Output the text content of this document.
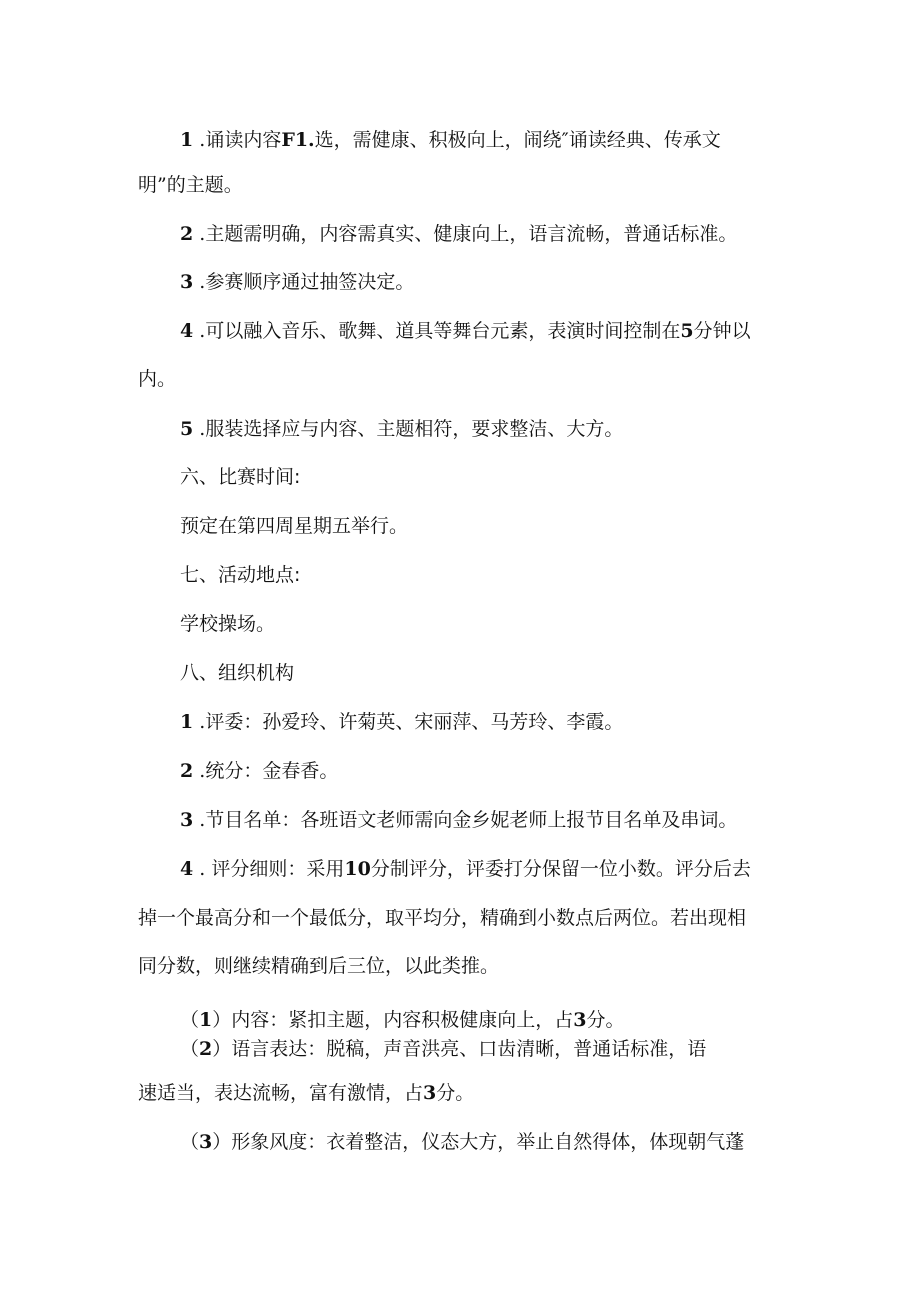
1 .诵读内容F1.选，需健康、积极向上，闹绕″诵读经典、传承文

明”的主题。

2 .主题需明确，内容需真实、健康向上，语言流畅，普通话标准。

3 .参赛顺序通过抽签决定。

4 .可以融入音乐、歌舞、道具等舞台元素，表演时间控制在5分钟以

内。

5 .服装选择应与内容、主题相符，要求整洁、大方。

六、比赛时间:

预定在第四周星期五举行。

七、活动地点:

学校操场。

八、组织机构

1 .评委：孙爱玲、许菊英、宋丽萍、马芳玲、李霞。

2 .统分：金春香。

3 .节目名单：各班语文老师需向金乡妮老师上报节目名单及串词。

4 . 评分细则：采用10分制评分，评委打分保留一位小数。评分后去

掉一个最高分和一个最低分，取平均分，精确到小数点后两位。若出现相

同分数，则继续精确到后三位，以此类推。

（1）内容：紧扣主题，内容积极健康向上，占3分。

（2）语言表达：脱稿，声音洪亮、口齿清晰，普通话标准，语

速适当，表达流畅，富有激情，占3分。

（3）形象风度：衣着整洁，仪态大方，举止自然得体，体现朝气蓬
